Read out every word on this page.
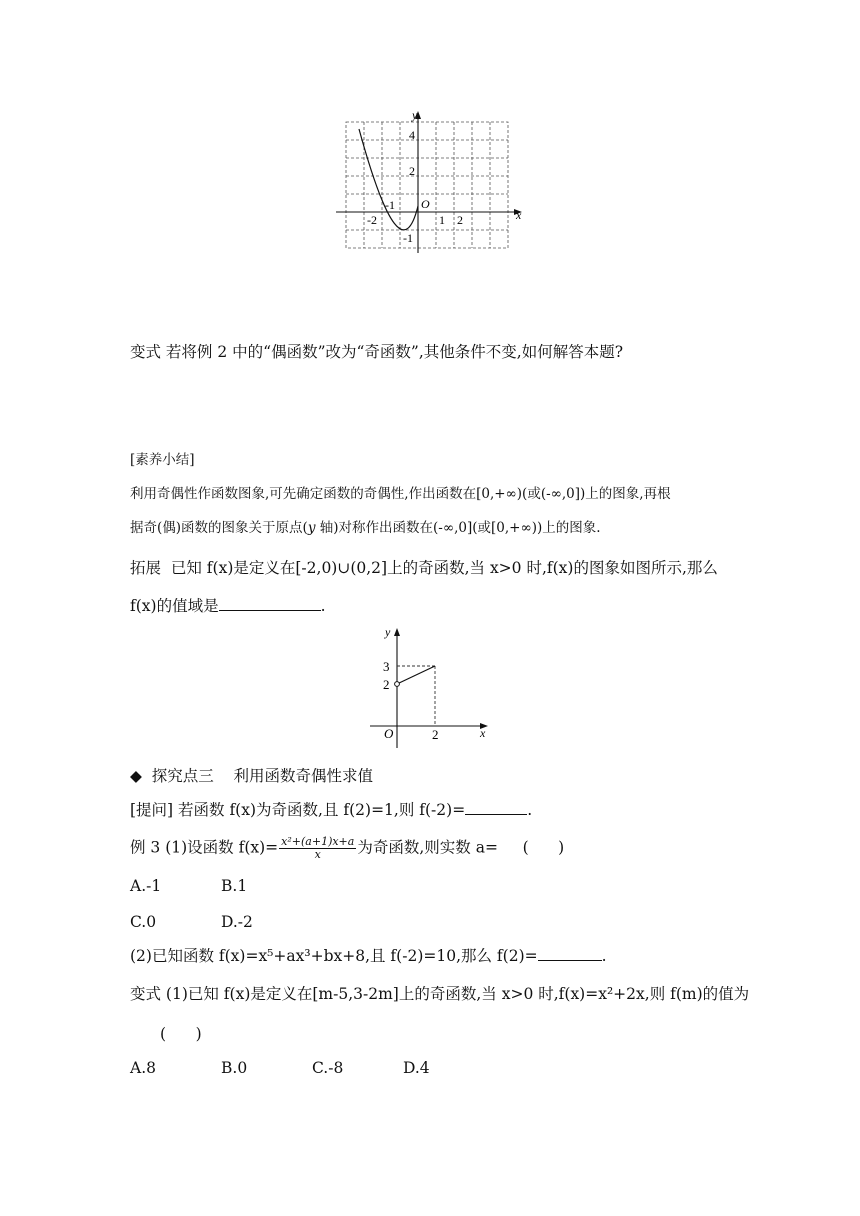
y
x
O
-2
-1
1 2
4
2
-1
变式 若将例 2 中的“偶函数”改为“奇函数”,其他条件不变,如何解答本题?
[素养小结]
利用奇偶性作函数图象,可先确定函数的奇偶性,作出函数在[0,+∞)(或(-∞,0])上的图象,再根
据奇(偶)函数的图象关于原点(y 轴)对称作出函数在(-∞,0](或[0,+∞))上的图象.
拓展 已知 f(x)是定义在[-2,0)∪(0,2]上的奇函数,当 x>0 时,f(x)的图象如图所示,那么
f(x)的值域是	.
y
x
O
3
2
2
◆ 探究点三    利用函数奇偶性求值
[提问] 若函数 f(x)为奇函数,且 f(2)=1,则 f(-2)=	.
例 3 (1)设函数 $f(x)= \frac{\text{x²+(a+1)x+a}}{x}$ 为奇函数,则实数 a= (      )
A.-1	B.1
C.0	D.-2
(2)已知函数 f(x)=x⁵+ax³+bx+8,且 f(-2)=10,那么 f(2)=	.
变式 (1)已知 f(x)是定义在[m-5,3-2m]上的奇函数,当 x>0 时,f(x)=x²+2x,则 f(m)的值为
(      )
A.8	B.0	C.-8	D.4
